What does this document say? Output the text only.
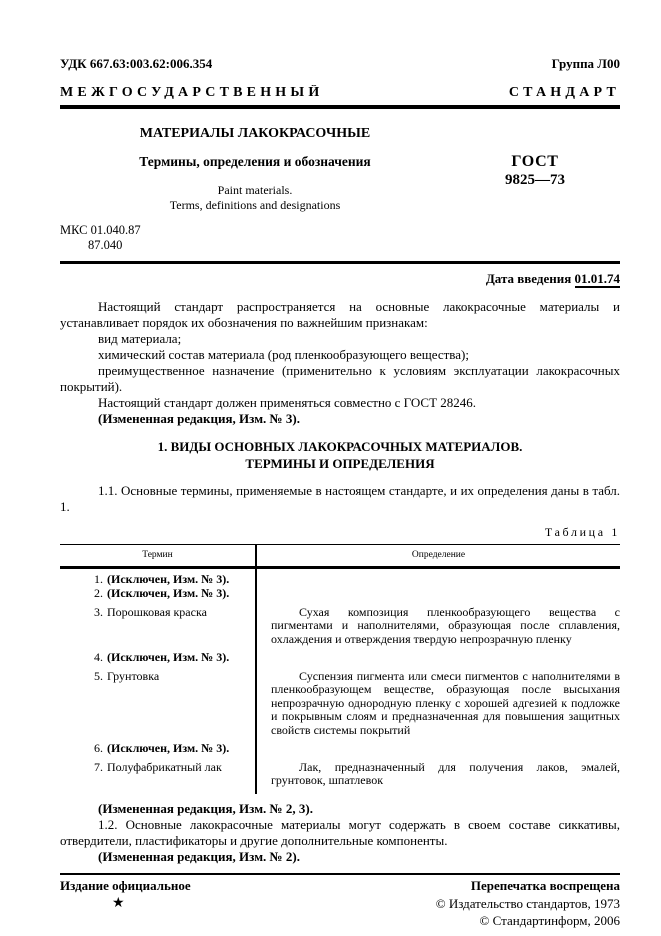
УДК 667.63:003.62:006.354	Группа Л00
МЕЖГОСУДАРСТВЕННЫЙ СТАНДАРТ
МАТЕРИАЛЫ ЛАКОКРАСОЧНЫЕ
Термины, определения и обозначения
Paint materials.
Terms, definitions and designations
ГОСТ
9825—73
МКС 01.040.87
87.040
Дата введения 01.01.74

Настоящий стандарт распространяется на основные лакокрасочные материалы и устанавливает порядок их обозначения по важнейшим признакам:

вид материала;

химический состав материала (род пленкообразующего вещества);

преимущественное назначение (применительно к условиям эксплуатации лакокрасочных покрытий).

Настоящий стандарт должен применяться совместно с ГОСТ 28246.

(Измененная редакция, Изм. № 3).

1. ВИДЫ ОСНОВНЫХ ЛАКОКРАСОЧНЫХ МАТЕРИАЛОВ.
ТЕРМИНЫ И ОПРЕДЕЛЕНИЯ

1.1. Основные термины, применяемые в настоящем стандарте, и их определения даны в табл. 1.

Таблица 1
Термин	Определение
1. (Исключен, Изм. № 3).
2. (Исключен, Изм. № 3).
3. Порошковая краска	Сухая композиция пленкообразующего вещества с пигментами и наполнителями, образующая после сплавления, охлаждения и отверждения твердую непрозрачную пленку
4. (Исключен, Изм. № 3).
5. Грунтовка	Суспензия пигмента или смеси пигментов с наполнителями в пленкообразующем веществе, образующая после высыхания непрозрачную однородную пленку с хорошей адгезией к подложке и покрывным слоям и предназначенная для повышения защитных свойств системы покрытий
6. (Исключен, Изм. № 3).
7. Полуфабрикатный лак	Лак, предназначенный для получения лаков, эмалей, грунтовок, шпатлевок

(Измененная редакция, Изм. № 2, 3).

1.2. Основные лакокрасочные материалы могут содержать в своем составе сиккативы, отвердители, пластификаторы и другие дополнительные компоненты.

(Измененная редакция, Изм. № 2).

Издание официальное	Перепечатка воспрещена
★	© Издательство стандартов, 1973
© Стандартинформ, 2006
